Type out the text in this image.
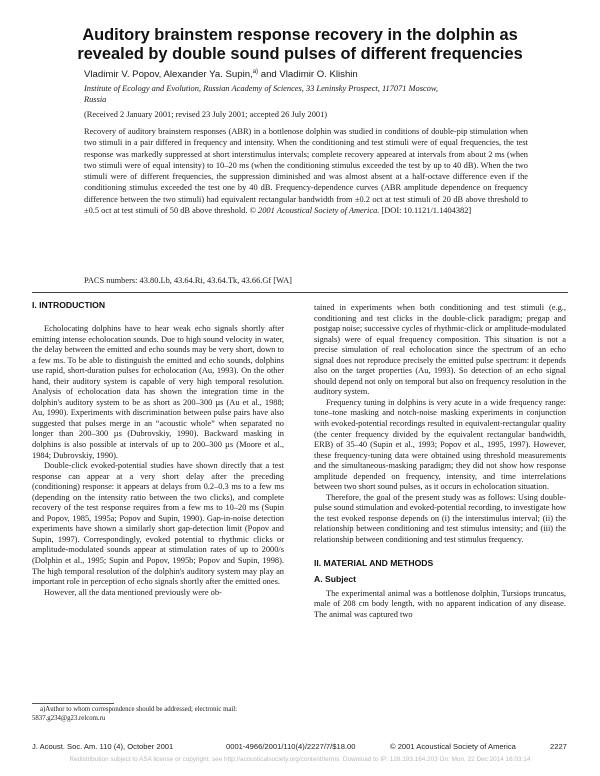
Auditory brainstem response recovery in the dolphin as
revealed by double sound pulses of different frequencies
Vladimir V. Popov, Alexander Ya. Supin,$^{a)}$ and Vladimir O. Klishin
Institute of Ecology and Evolution, Russian Academy of Sciences, 33 Leninsky Prospect, 117071 Moscow,
Russia
(Received 2 January 2001; revised 23 July 2001; accepted 26 July 2001)
Recovery of auditory brainstem responses (ABR) in a bottlenose dolphin was studied in conditions of double-pip stimulation when two stimuli in a pair differed in frequency and intensity. When the conditioning and test stimuli were of equal frequencies, the test response was markedly suppressed at short interstimulus intervals; complete recovery appeared at intervals from about 2 ms (when two stimuli were of equal intensity) to 10–20 ms (when the conditioning stimulus exceeded the test by up to 40 dB). When the two stimuli were of different frequencies, the suppression diminished and was almost absent at a half-octave difference even if the conditioning stimulus exceeded the test one by 40 dB. Frequency-dependence curves (ABR amplitude dependence on frequency difference between the two stimuli) had equivalent rectangular bandwidth from ±0.2 oct at test stimuli of 20 dB above threshold to ±0.5 oct at test stimuli of 50 dB above threshold. © 2001 Acoustical Society of America. [DOI: 10.1121/1.1404382]
PACS numbers: 43.80.Lb, 43.64.Ri, 43.64.Tk, 43.66.Gf [WA]
I. INTRODUCTION

Echolocating dolphins have to hear weak echo signals shortly after emitting intense echolocation sounds. Due to high sound velocity in water, the delay between the emitted and echo sounds may be very short, down to a few ms. To be able to distinguish the emitted and echo sounds, dolphins use rapid, short-duration pulses for echolocation (Au, 1993). On the other hand, their auditory system is capable of very high temporal resolution. Analysis of echolocation data has shown the integration time in the dolphin's auditory system to be as short as 200–300 µs (Au et al., 1988; Au, 1990). Experiments with discrimination between pulse pairs have also suggested that pulses merge in an “acoustic whole” when separated no longer than 200–300 µs (Dubrovskiy, 1990). Backward masking in dolphins is also possible at intervals of up to 200–300 µs (Moore et al., 1984; Dubrovskiy, 1990).

Double-click evoked-potential studies have shown directly that a test response can appear at a very short delay after the preceding (conditioning) response: it appears at delays from 0.2–0.3 ms to a few ms (depending on the intensity ratio between the two clicks), and complete recovery of the test response requires from a few ms to 10–20 ms (Supin and Popov, 1985, 1995a; Popov and Supin, 1990). Gap-in-noise detection experiments have shown a similarly short gap-detection limit (Popov and Supin, 1997). Correspondingly, evoked potential to rhythmic clicks or amplitude-modulated sounds appear at stimulation rates of up to 2000/s (Dolphin et al., 1995; Supin and Popov, 1995b; Popov and Supin, 1998). The high temporal resolution of the dolphin's auditory system may play an important role in perception of echo signals shortly after the emitted ones.

However, all the data mentioned previously were ob-

a)Author to whom correspondence should be addressed; electronic mail: 5837.g234@g23.relcom.ru

tained in experiments when both conditioning and test stimuli (e.g., conditioning and test clicks in the double-click paradigm; pregap and postgap noise; successive cycles of rhythmic-click or amplitude-modulated signals) were of equal frequency composition. This situation is not a precise simulation of real echolocation since the spectrum of an echo signal does not reproduce precisely the emitted pulse spectrum: it depends also on the target properties (Au, 1993). So detection of an echo signal should depend not only on temporal but also on frequency resolution in the auditory system.

Frequency tuning in dolphins is very acute in a wide frequency range: tone–tone masking and notch-noise masking experiments in conjunction with evoked-potential recordings resulted in equivalent-rectangular quality (the center frequency divided by the equivalent rectangular bandwidth, ERB) of 35–40 (Supin et al., 1993; Popov et al., 1995, 1997). However, these frequency-tuning data were obtained using threshold measurements and the simultaneous-masking paradigm; they did not show how response amplitude depended on frequency, intensity, and time interrelations between two short sound pulses, as it occurs in echolocation situation.

Therefore, the goal of the present study was as follows: Using double-pulse sound stimulation and evoked-potential recording, to investigate how the test evoked response depends on (i) the interstimulus interval; (ii) the relationship between conditioning and test stimulus intensity; and (iii) the relationship between conditioning and test stimulus frequency.

II. MATERIAL AND METHODS
A. Subject

The experimental animal was a bottlenose dolphin, Tursiops truncatus, male of 208 cm body length, with no apparent indication of any disease. The animal was captured two

J. Acoust. Soc. Am. 110 (4), October 2001	0001-4966/2001/110(4)/2227/7/$18.00	© 2001 Acoustical Society of America	2227
Redistribution subject to ASA license or copyright; see http://acousticalsociety.org/content/terms. Download to IP: 128.193.164.203 On: Mon, 22 Dec 2014 16:03:14
